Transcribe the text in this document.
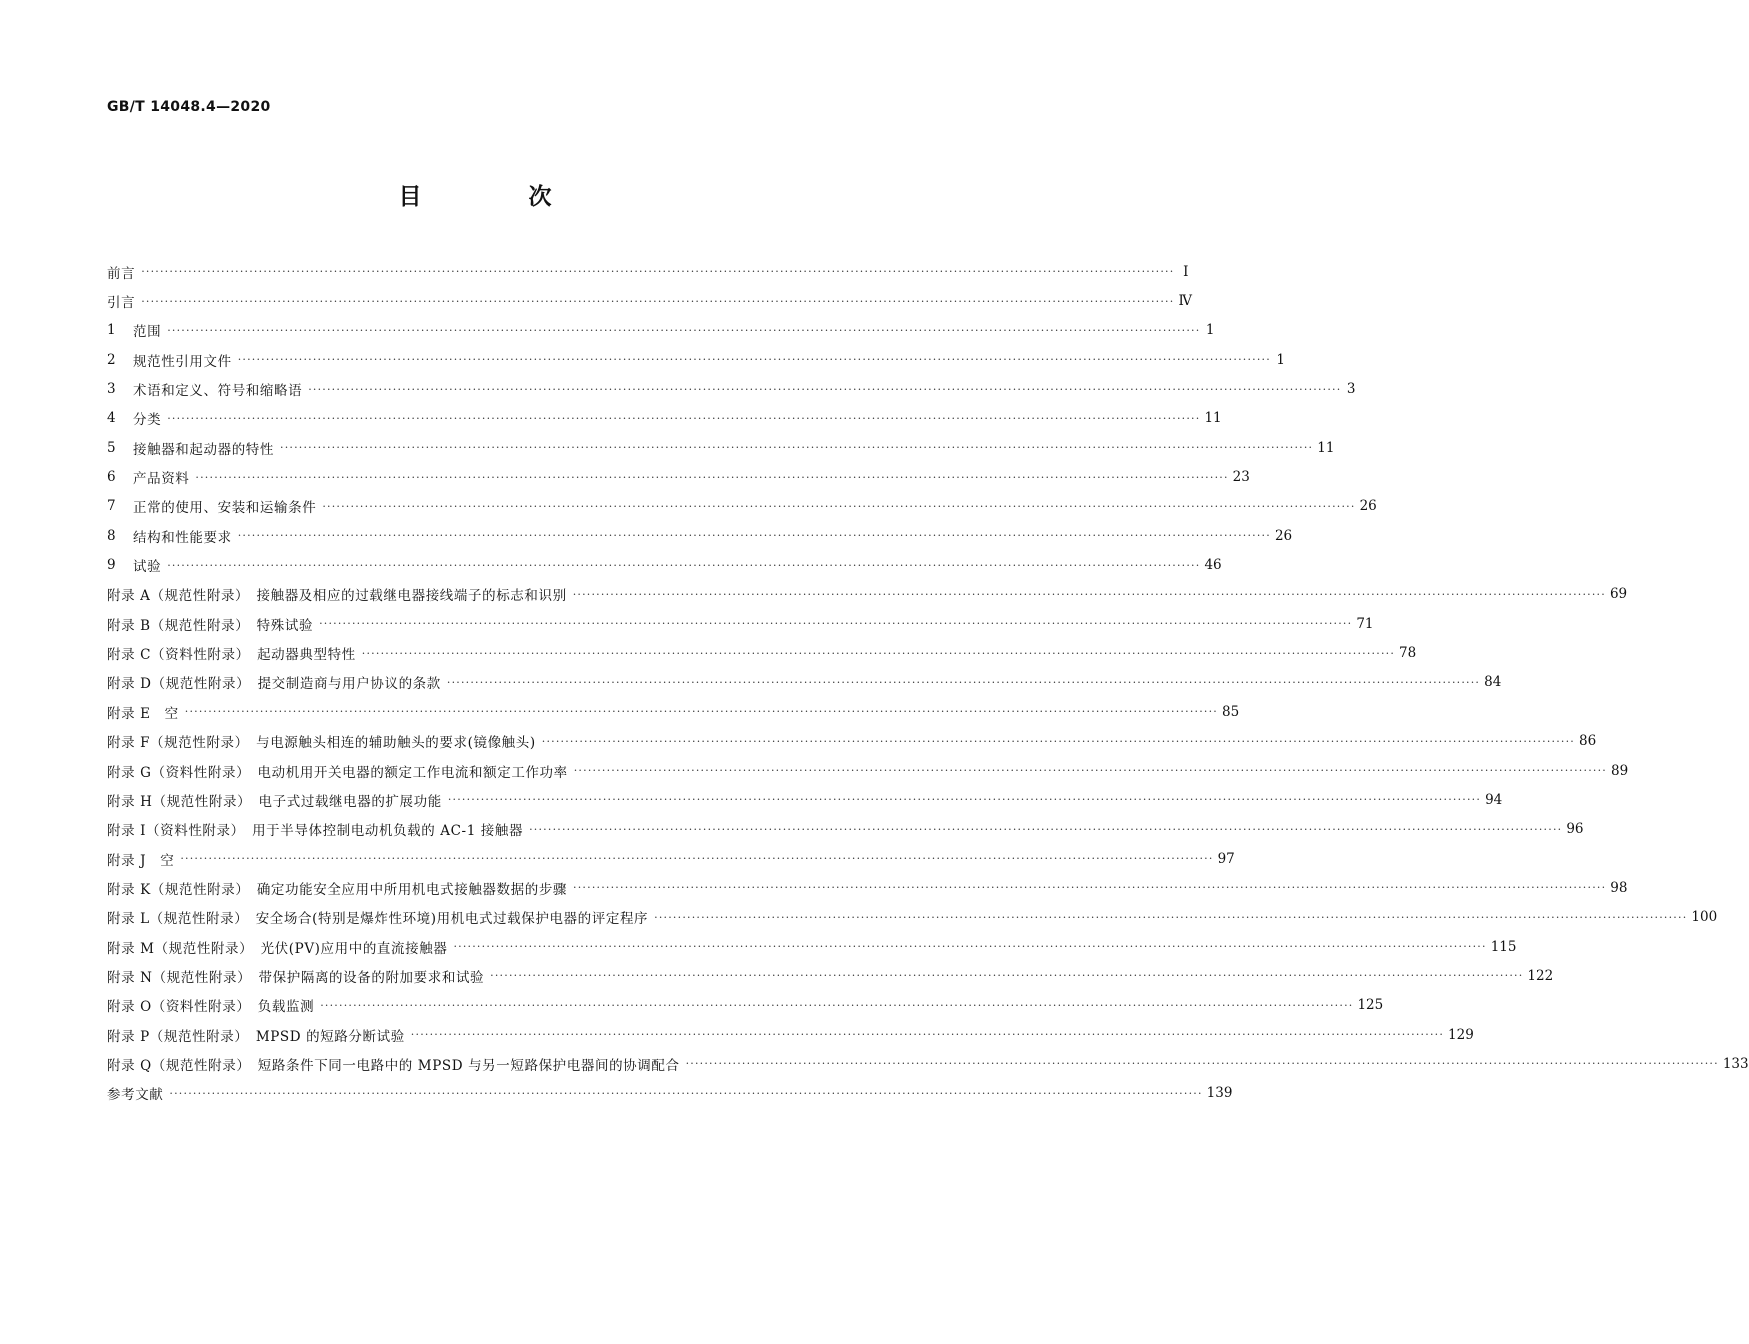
GB/T 14048.4—2020
目　次
前言 ···························································································································································································································· Ⅰ
引言 ···························································································································································································································· Ⅳ
1	范围 ···························································································································································································································· 1
2	规范性引用文件 ···························································································································································································································· 1
3	术语和定义、符号和缩略语 ···························································································································································································································· 3
4	分类 ···························································································································································································································· 11
5	接触器和起动器的特性 ···························································································································································································································· 11
6	产品资料 ···························································································································································································································· 23
7	正常的使用、安装和运输条件 ···························································································································································································································· 26
8	结构和性能要求 ···························································································································································································································· 26
9	试验 ···························································································································································································································· 46
附录 A（规范性附录）　接触器及相应的过载继电器接线端子的标志和识别 ···························································································································································································································· 69
附录 B（规范性附录）　特殊试验 ···························································································································································································································· 71
附录 C（资料性附录）　起动器典型特性 ···························································································································································································································· 78
附录 D（规范性附录）　提交制造商与用户协议的条款 ···························································································································································································································· 84
附录 E　空 ···························································································································································································································· 85
附录 F（规范性附录）　与电源触头相连的辅助触头的要求(镜像触头) ···························································································································································································································· 86
附录 G（资料性附录）　电动机用开关电器的额定工作电流和额定工作功率 ···························································································································································································································· 89
附录 H（规范性附录）　电子式过载继电器的扩展功能 ···························································································································································································································· 94
附录 I（资料性附录）　用于半导体控制电动机负载的 AC-1 接触器 ···························································································································································································································· 96
附录 J　空 ···························································································································································································································· 97
附录 K（规范性附录）　确定功能安全应用中所用机电式接触器数据的步骤 ···························································································································································································································· 98
附录 L（规范性附录）　安全场合(特别是爆炸性环境)用机电式过载保护电器的评定程序 ···························································································································································································································· 100
附录 M（规范性附录）　光伏(PV)应用中的直流接触器 ···························································································································································································································· 115
附录 N（规范性附录）　带保护隔离的设备的附加要求和试验 ···························································································································································································································· 122
附录 O（资料性附录）　负载监测 ···························································································································································································································· 125
附录 P（规范性附录）　MPSD 的短路分断试验 ···························································································································································································································· 129
附录 Q（规范性附录）　短路条件下同一电路中的 MPSD 与另一短路保护电器间的协调配合 ···························································································································································································································· 133
参考文献 ···························································································································································································································· 139
